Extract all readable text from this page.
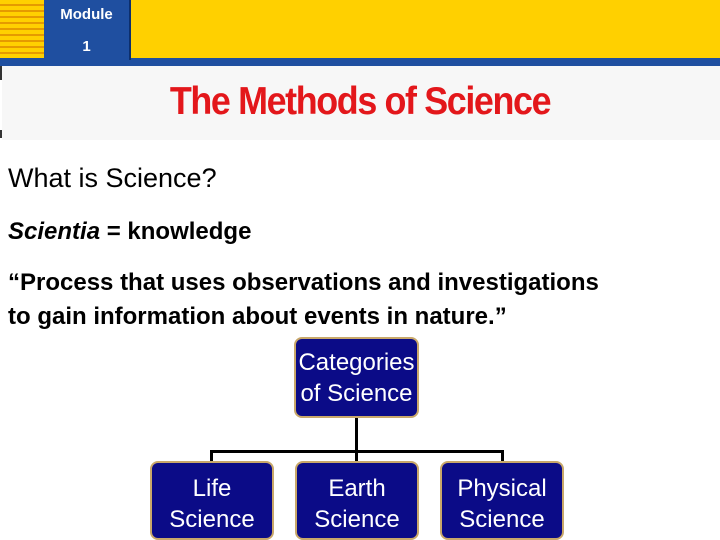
Module
1
The Methods of Science
What is Science?
Scientia = knowledge
“Process that uses observations and investigations
to gain information about events in nature.”
Categories
of Science
Life
Science
Earth
Science
Physical
Science
